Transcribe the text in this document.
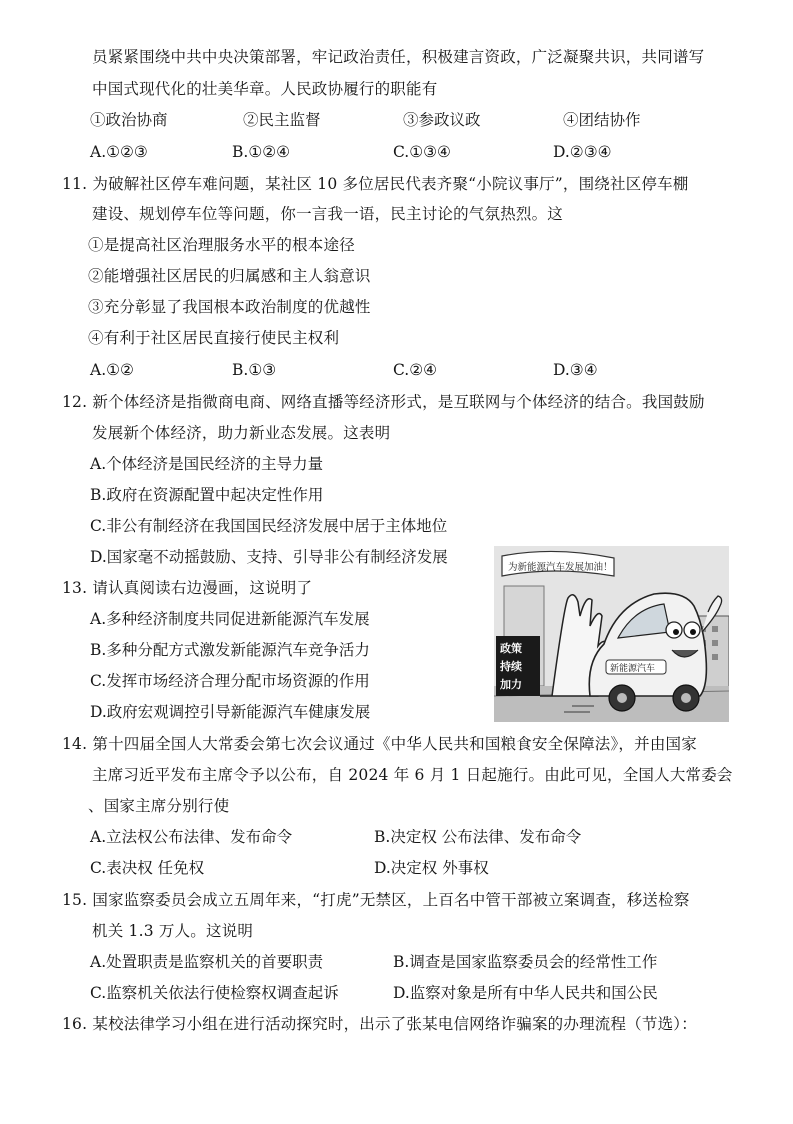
员紧紧围绕中共中央决策部署，牢记政治责任，积极建言资政，广泛凝聚共识，共同谱写
中国式现代化的壮美华章。人民政协履行的职能有
①政治协商	②民主监督	③参政议政	④团结协作
A.①②③	B.①②④	C.①③④	D.②③④
11. 为破解社区停车难问题，某社区 10 多位居民代表齐聚“小院议事厅”，围绕社区停车棚
建设、规划停车位等问题，你一言我一语，民主讨论的气氛热烈。这
①是提高社区治理服务水平的根本途径
②能增强社区居民的归属感和主人翁意识
③充分彰显了我国根本政治制度的优越性
④有利于社区居民直接行使民主权利
A.①②	B.①③	C.②④	D.③④
12. 新个体经济是指微商电商、网络直播等经济形式，是互联网与个体经济的结合。我国鼓励
发展新个体经济，助力新业态发展。这表明
A.个体经济是国民经济的主导力量
B.政府在资源配置中起决定性作用
C.非公有制经济在我国国民经济发展中居于主体地位
D.国家毫不动摇鼓励、支持、引导非公有制经济发展
13. 请认真阅读右边漫画，这说明了
A.多种经济制度共同促进新能源汽车发展
B.多种分配方式激发新能源汽车竞争活力
C.发挥市场经济合理分配市场资源的作用
D.政府宏观调控引导新能源汽车健康发展
为新能源汽车发展加油！
政策
持续
加力
新能源汽车
14. 第十四届全国人大常委会第七次会议通过《中华人民共和国粮食安全保障法》，并由国家
主席习近平发布主席令予以公布，自 2024 年 6 月 1 日起施行。由此可见，全国人大常委会
、国家主席分别行使
A.立法权公布法律、发布命令	B.决定权 公布法律、发布命令
C.表决权 任免权	D.决定权 外事权
15. 国家监察委员会成立五周年来，“打虎”无禁区，上百名中管干部被立案调查，移送检察
机关 1.3 万人。这说明
A.处置职责是监察机关的首要职责	B.调查是国家监察委员会的经常性工作
C.监察机关依法行使检察权调查起诉	D.监察对象是所有中华人民共和国公民
16. 某校法律学习小组在进行活动探究时，出示了张某电信网络诈骗案的办理流程（节选）：
